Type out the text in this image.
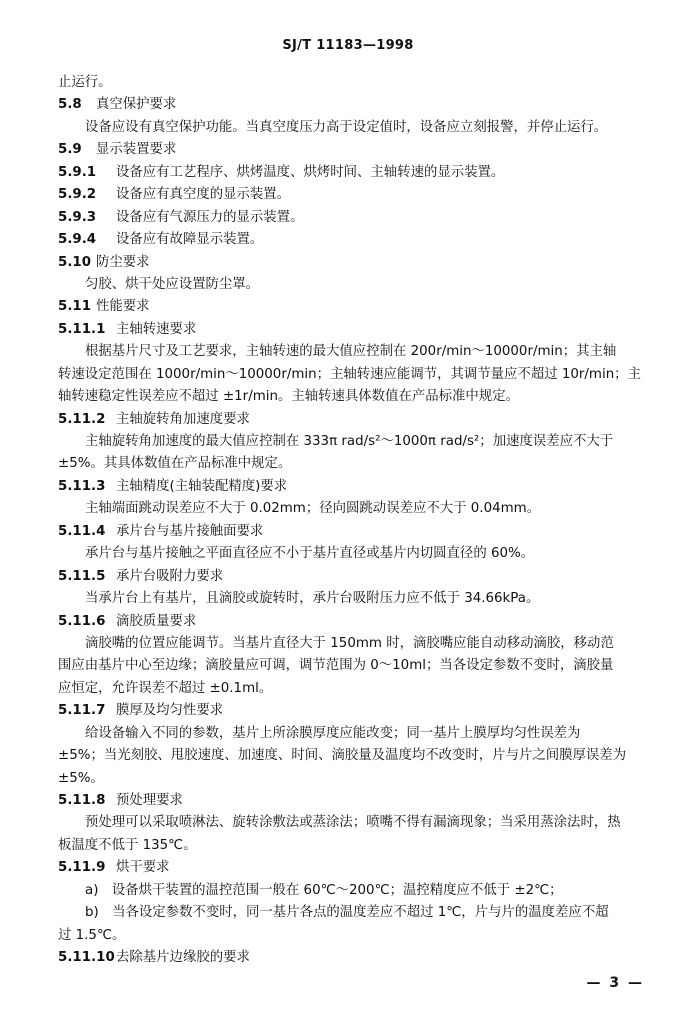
SJ/T 11183—1998
止运行。
5.8 真空保护要求
设备应设有真空保护功能。当真空度压力高于设定值时，设备应立刻报警，并停止运行。
5.9 显示装置要求
5.9.1 设备应有工艺程序、烘烤温度、烘烤时间、主轴转速的显示装置。
5.9.2 设备应有真空度的显示装置。
5.9.3 设备应有气源压力的显示装置。
5.9.4 设备应有故障显示装置。
5.10 防尘要求
匀胶、烘干处应设置防尘罩。
5.11 性能要求
5.11.1 主轴转速要求
根据基片尺寸及工艺要求，主轴转速的最大值应控制在 200r/min～10000r/min；其主轴
转速设定范围在 1000r/min～10000r/min；主轴转速应能调节，其调节量应不超过 10r/min；主
轴转速稳定性误差应不超过 ±1r/min。主轴转速具体数值在产品标准中规定。
5.11.2 主轴旋转角加速度要求
主轴旋转角加速度的最大值应控制在 333π rad/s²～1000π rad/s²；加速度误差应不大于
±5%。其具体数值在产品标准中规定。
5.11.3 主轴精度(主轴装配精度)要求
主轴端面跳动误差应不大于 0.02mm；径向圆跳动误差应不大于 0.04mm。
5.11.4 承片台与基片接触面要求
承片台与基片接触之平面直径应不小于基片直径或基片内切圆直径的 60%。
5.11.5 承片台吸附力要求
当承片台上有基片，且滴胶或旋转时，承片台吸附压力应不低于 34.66kPa。
5.11.6 滴胶质量要求
滴胶嘴的位置应能调节。当基片直径大于 150mm 时，滴胶嘴应能自动移动滴胶，移动范
围应由基片中心至边缘；滴胶量应可调，调节范围为 0～10ml；当各设定参数不变时，滴胶量
应恒定，允许误差不超过 ±0.1ml。
5.11.7 膜厚及均匀性要求
给设备输入不同的参数，基片上所涂膜厚度应能改变；同一基片上膜厚均匀性误差为
±5%；当光刻胶、甩胶速度、加速度、时间、滴胶量及温度均不改变时，片与片之间膜厚误差为
±5%。
5.11.8 预处理要求
预处理可以采取喷淋法、旋转涂敷法或蒸涂法；喷嘴不得有漏滴现象；当采用蒸涂法时，热
板温度不低于 135℃。
5.11.9 烘干要求
a)　设备烘干装置的温控范围一般在 60℃～200℃；温控精度应不低于 ±2℃；
b)　当各设定参数不变时，同一基片各点的温度差应不超过 1℃，片与片的温度差应不超
过 1.5℃。
5.11.10去除基片边缘胶的要求
— 3 —
